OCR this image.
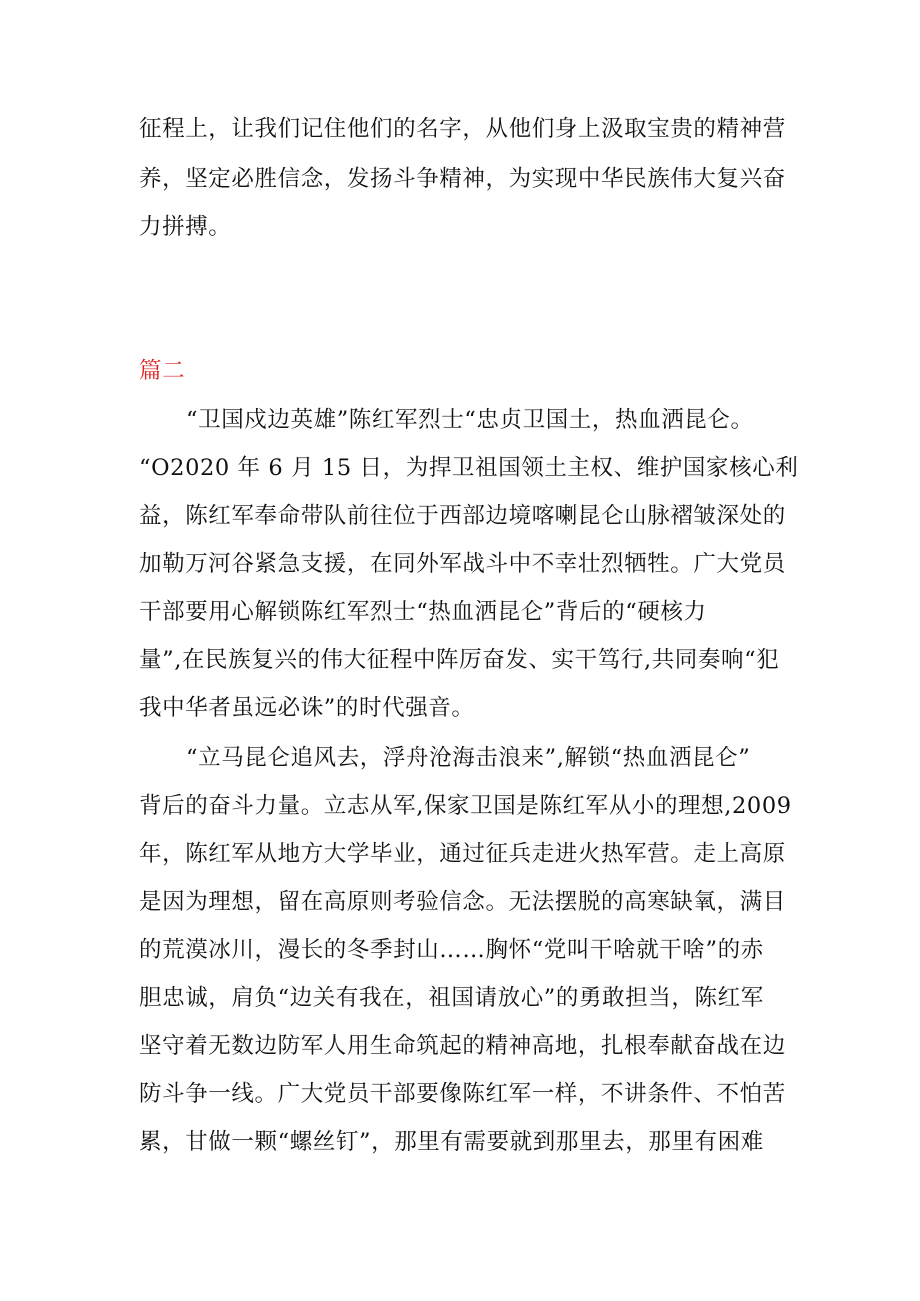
征程上，让我们记住他们的名字，从他们身上汲取宝贵的精神营
养，坚定必胜信念，发扬斗争精神，为实现中华民族伟大复兴奋
力拼搏。
篇二
“卫国戍边英雄”陈红军烈士“忠贞卫国土，热血洒昆仑。
“O2020 年 6 月 15 日，为捍卫祖国领土主权、维护国家核心利
益，陈红军奉命带队前往位于西部边境喀喇昆仑山脉褶皱深处的
加勒万河谷紧急支援，在同外军战斗中不幸壮烈牺牲。广大党员
干部要用心解锁陈红军烈士“热血洒昆仑”背后的“硬核力
量”,在民族复兴的伟大征程中阵厉奋发、实干笃行,共同奏响“犯
我中华者虽远必诛”的时代强音。
“立马昆仑追风去，浮舟沧海击浪来”,解锁“热血洒昆仑”
背后的奋斗力量。立志从军,保家卫国是陈红军从小的理想,2009
年，陈红军从地方大学毕业，通过征兵走进火热军营。走上高原
是因为理想，留在高原则考验信念。无法摆脱的高寒缺氧，满目
的荒漠冰川，漫长的冬季封山……胸怀“党叫干啥就干啥”的赤
胆忠诚，肩负“边关有我在，祖国请放心”的勇敢担当，陈红军
坚守着无数边防军人用生命筑起的精神高地，扎根奉献奋战在边
防斗争一线。广大党员干部要像陈红军一样，不讲条件、不怕苦
累，甘做一颗“螺丝钉”，那里有需要就到那里去，那里有困难
